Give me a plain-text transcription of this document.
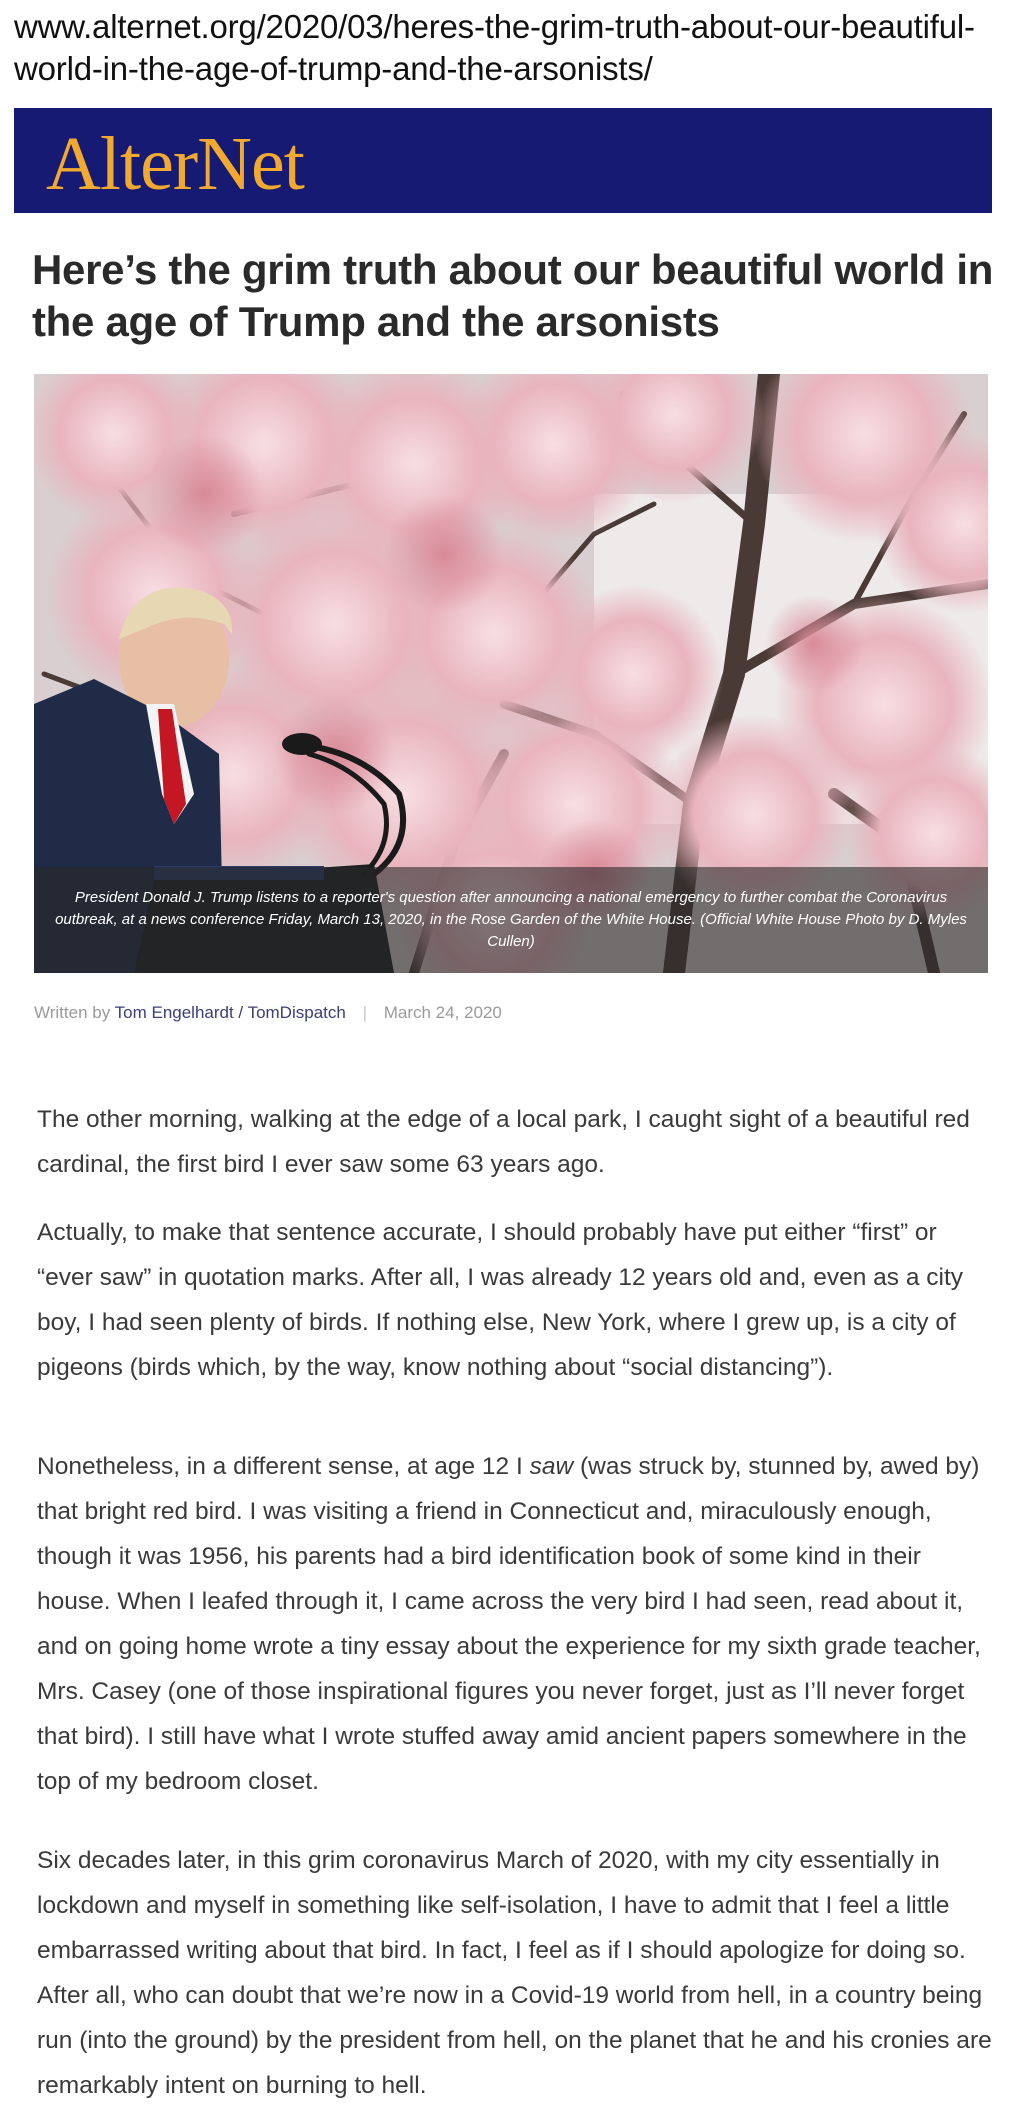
www.alternet.org/2020/03/heres-the-grim-truth-about-our-beautiful-
world-in-the-age-of-trump-and-the-arsonists/
AlterNet
Here’s the grim truth about our beautiful world in the age of Trump and the arsonists
President Donald J. Trump listens to a reporter's question after announcing a national emergency to further combat the Coronavirus outbreak, at a news conference Friday, March 13, 2020, in the Rose Garden of the White House. (Official White House Photo by D. Myles Cullen)
Written by Tom Engelhardt / TomDispatch | March 24, 2020

The other morning, walking at the edge of a local park, I caught sight of a beautiful red cardinal, the first bird I ever saw some 63 years ago.

Actually, to make that sentence accurate, I should probably have put either “first” or “ever saw” in quotation marks. After all, I was already 12 years old and, even as a city boy, I had seen plenty of birds. If nothing else, New York, where I grew up, is a city of pigeons (birds which, by the way, know nothing about “social distancing”).

Nonetheless, in a different sense, at age 12 I saw (was struck by, stunned by, awed by) that bright red bird. I was visiting a friend in Connecticut and, miraculously enough, though it was 1956, his parents had a bird identification book of some kind in their house. When I leafed through it, I came across the very bird I had seen, read about it, and on going home wrote a tiny essay about the experience for my sixth grade teacher, Mrs. Casey (one of those inspirational figures you never forget, just as I’ll never forget that bird). I still have what I wrote stuffed away amid ancient papers somewhere in the top of my bedroom closet.

Six decades later, in this grim coronavirus March of 2020, with my city essentially in lockdown and myself in something like self-isolation, I have to admit that I feel a little embarrassed writing about that bird. In fact, I feel as if I should apologize for doing so. After all, who can doubt that we’re now in a Covid-19 world from hell, in a country being run (into the ground) by the president from hell, on the planet that he and his cronies are remarkably intent on burning to hell.
